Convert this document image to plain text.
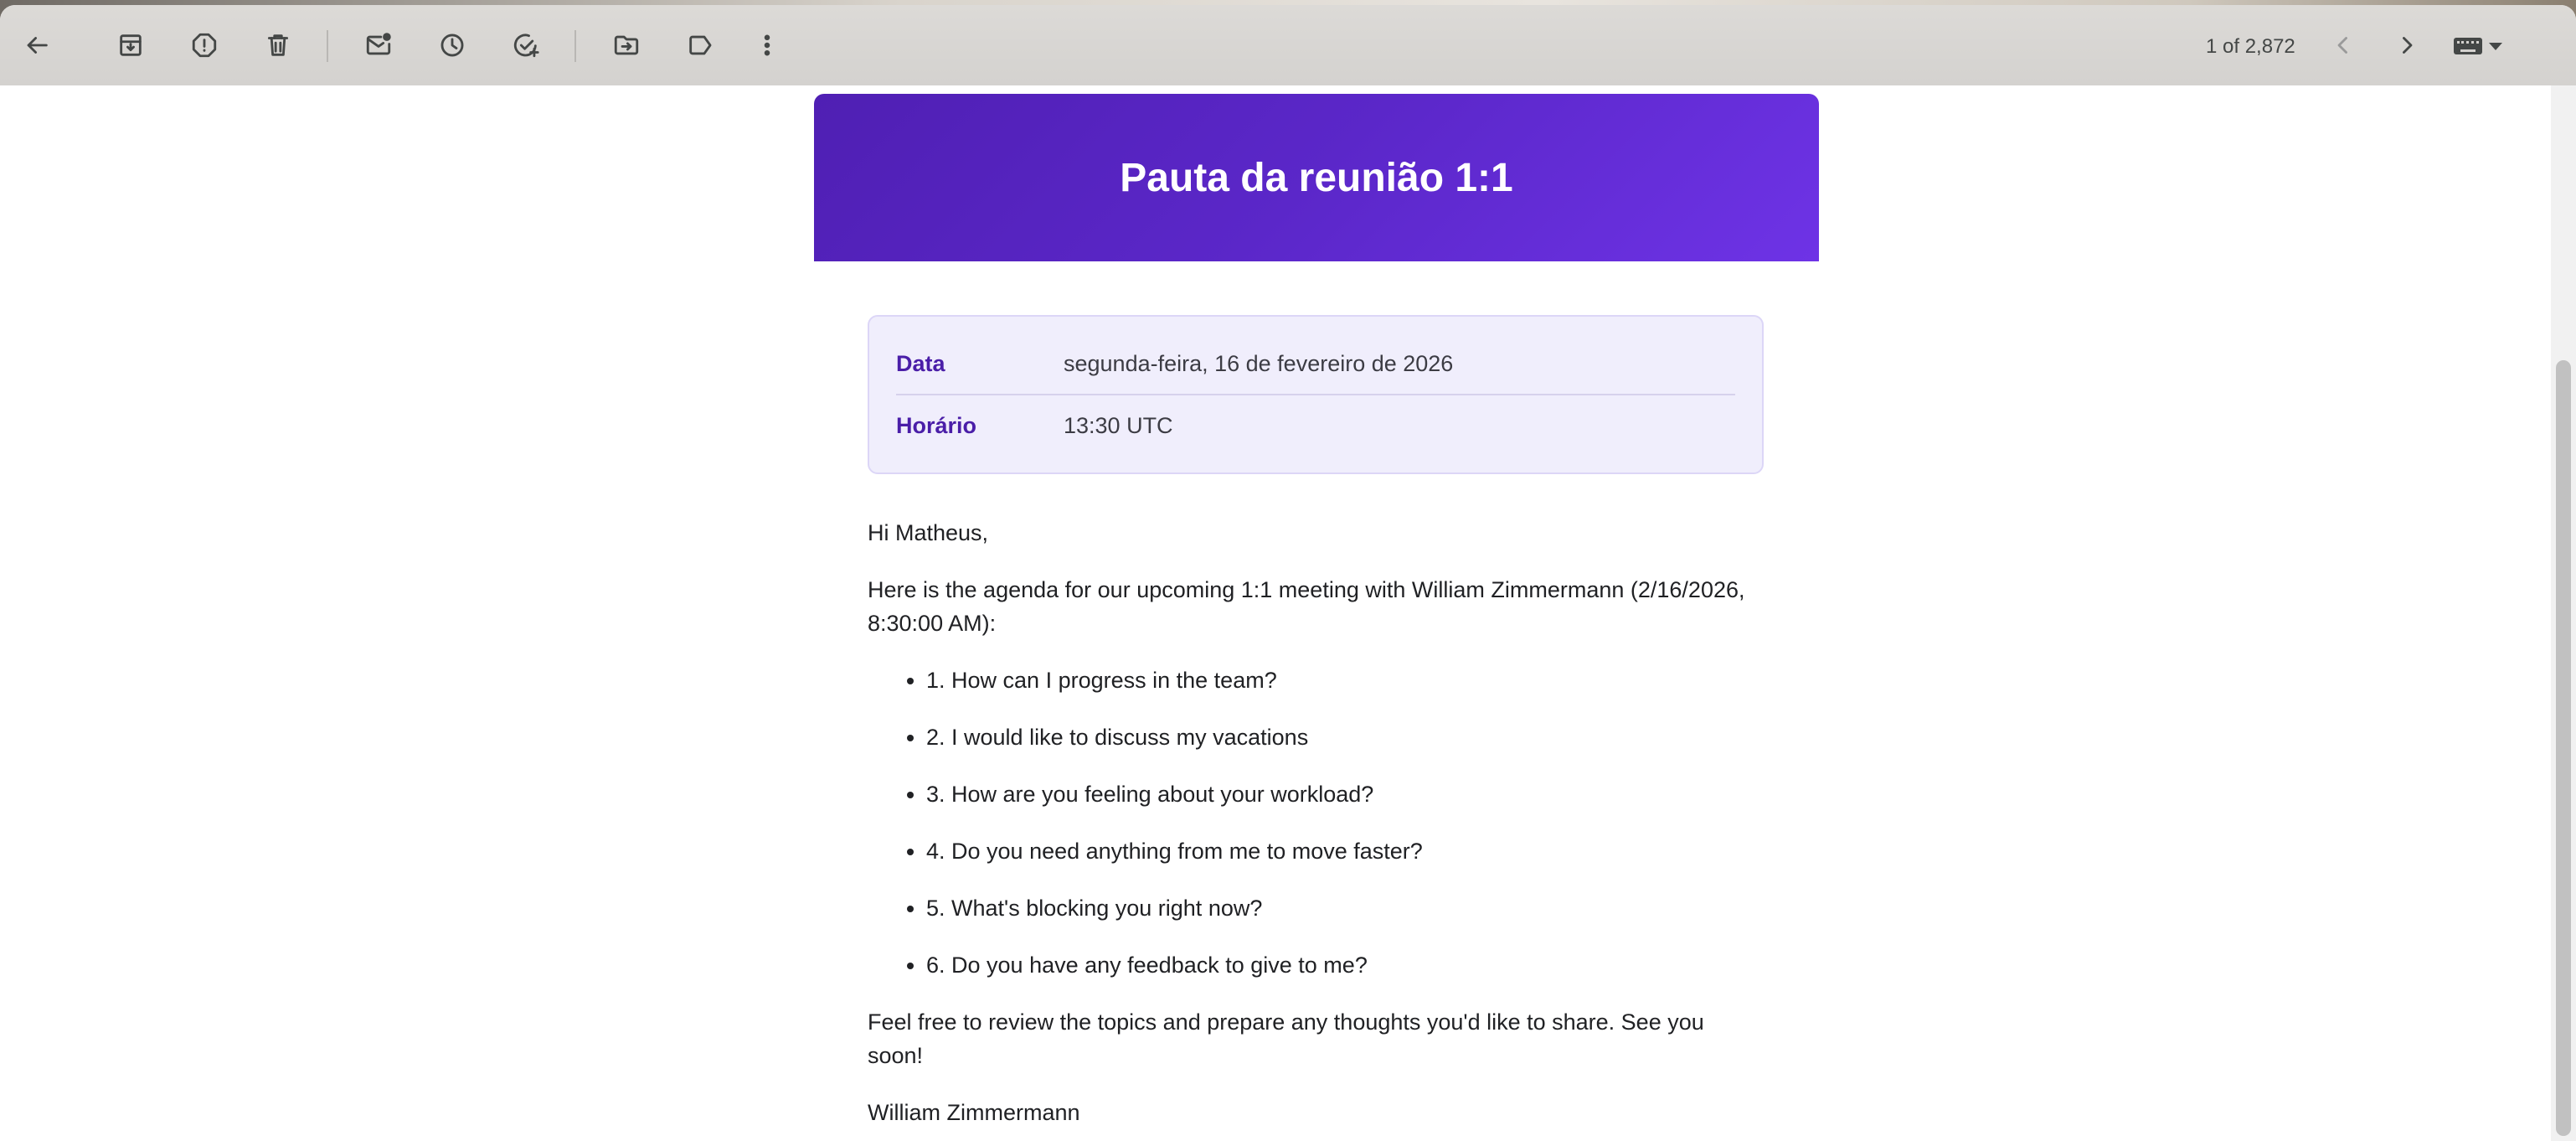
1 of 2,872
Pauta da reunião 1:1
Data	segunda-feira, 16 de fevereiro de 2026
Horário	13:30 UTC

Hi Matheus,

Here is the agenda for our upcoming 1:1 meeting with William Zimmermann (2/16/2026, 8:30:00 AM):

• 1. How can I progress in the team?
• 2. I would like to discuss my vacations
• 3. How are you feeling about your workload?
• 4. Do you need anything from me to move faster?
• 5. What's blocking you right now?
• 6. Do you have any feedback to give to me?

Feel free to review the topics and prepare any thoughts you'd like to share. See you soon!

William Zimmermann
